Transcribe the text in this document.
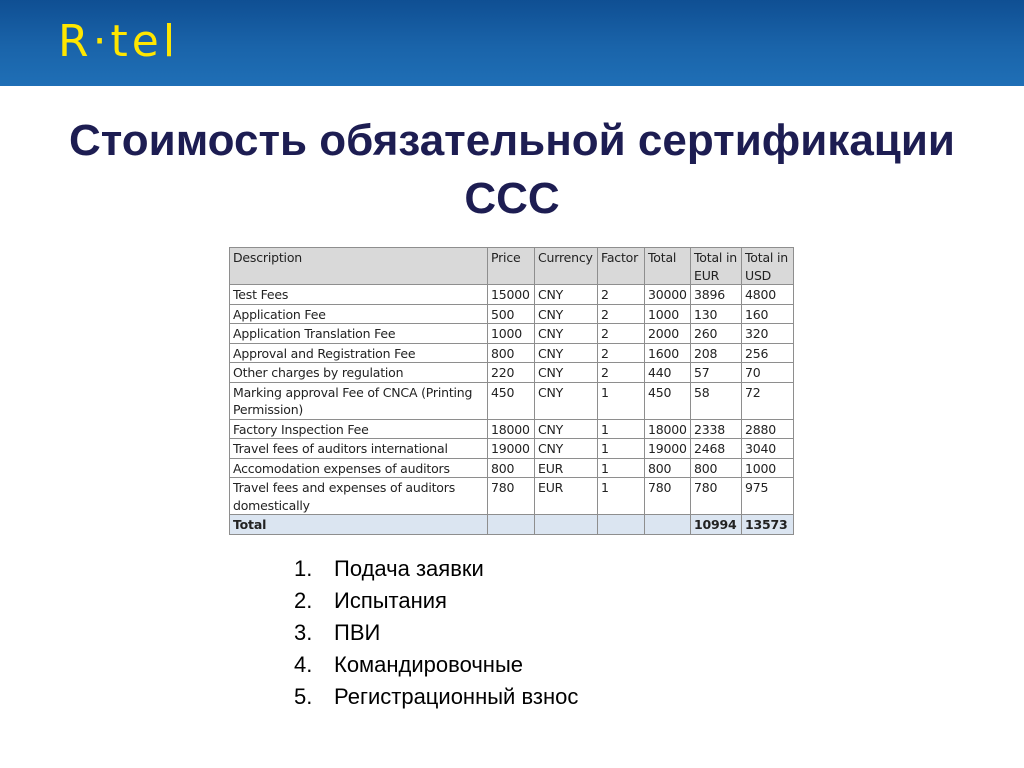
R·tel
Стоимость обязательной сертификации
CCC
Description	Price	Currency	Factor	Total	Total in EUR	Total in USD
Test Fees	15000	CNY	2	30000	3896	4800
Application Fee	500	CNY	2	1000	130	160
Application Translation Fee	1000	CNY	2	2000	260	320
Approval and Registration Fee	800	CNY	2	1600	208	256
Other charges by regulation	220	CNY	2	440	57	70
Marking approval Fee of CNCA (Printing Permission)	450	CNY	1	450	58	72
Factory Inspection Fee	18000	CNY	1	18000	2338	2880
Travel fees of auditors international	19000	CNY	1	19000	2468	3040
Accomodation expenses of auditors	800	EUR	1	800	800	1000
Travel fees and expenses of auditors domestically	780	EUR	1	780	780	975
Total					10994	13573
1. Подача заявки
2. Испытания
3. ПВИ
4. Командировочные
5. Регистрационный взнос
